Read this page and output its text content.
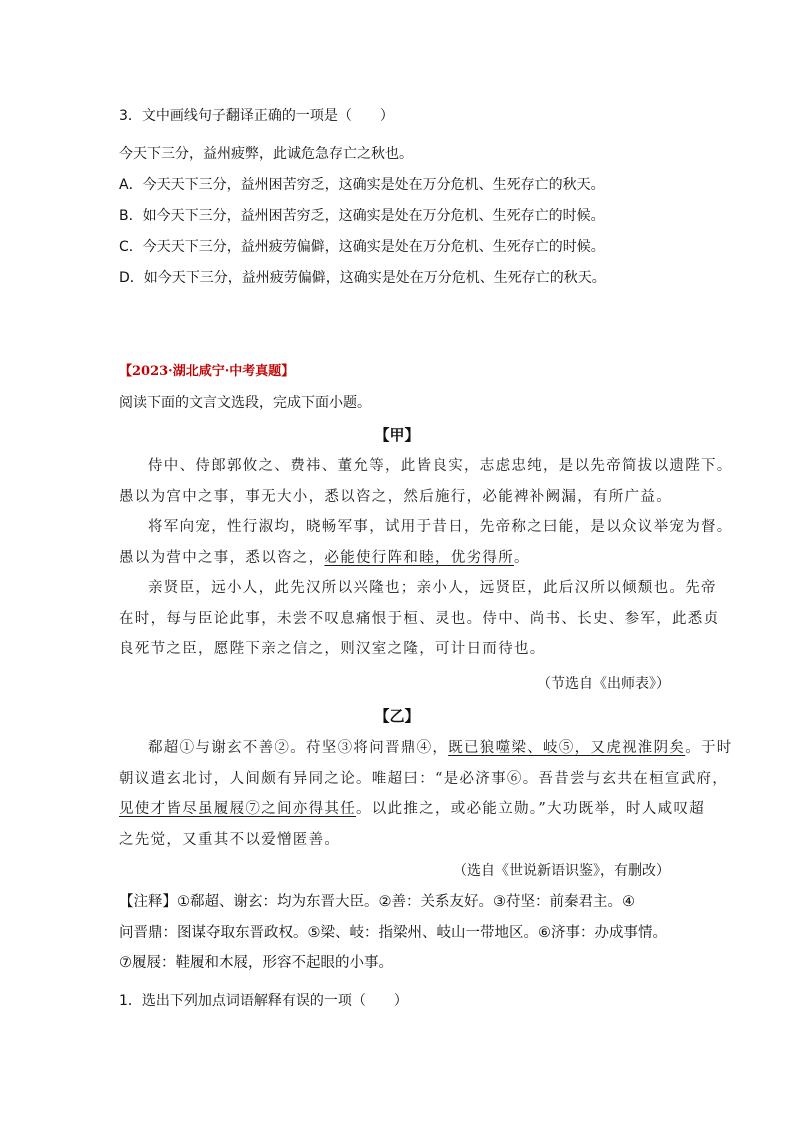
3．文中画线句子翻译正确的一项是（　　）
今天下三分，益州疲弊，此诚危急存亡之秋也。
A．今天天下三分，益州困苦穷乏，这确实是处在万分危机、生死存亡的秋天。
B．如今天下三分，益州困苦穷乏，这确实是处在万分危机、生死存亡的时候。
C．今天天下三分，益州疲劳偏僻，这确实是处在万分危机、生死存亡的时候。
D．如今天下三分，益州疲劳偏僻，这确实是处在万分危机、生死存亡的秋天。
【2023·湖北咸宁·中考真题】
阅读下面的文言文选段，完成下面小题。
【甲】
侍中、侍郎郭攸之、费祎、董允等，此皆良实，志虑忠纯，是以先帝简拔以遗陛下。
愚以为宫中之事，事无大小，悉以咨之，然后施行，必能裨补阙漏，有所广益。
将军向宠，性行淑均，晓畅军事，试用于昔日，先帝称之曰能，是以众议举宠为督。
愚以为营中之事，悉以咨之，必能使行阵和睦，优劣得所。
亲贤臣，远小人，此先汉所以兴隆也；亲小人，远贤臣，此后汉所以倾颓也。先帝
在时，每与臣论此事，未尝不叹息痛恨于桓、灵也。侍中、尚书、长史、参军，此悉贞
良死节之臣，愿陛下亲之信之，则汉室之隆，可计日而待也。
（节选自《出师表》）
【乙】
郗超①与谢玄不善②。苻坚③将问晋鼎④，既已狼噬梁、岐⑤，又虎视淮阴矣。于时
朝议遣玄北讨，人间颇有异同之论。唯超曰：“是必济事⑥。吾昔尝与玄共在桓宣武府，
见使才皆尽虽履屐⑦之间亦得其任。以此推之，或必能立勋。”大功既举，时人咸叹超
之先觉，又重其不以爱憎匿善。
（选自《世说新语识鉴》，有删改）
【注释】①郗超、谢玄：均为东晋大臣。②善：关系友好。③苻坚：前秦君主。④
问晋鼎：图谋夺取东晋政权。⑤梁、岐：指梁州、岐山一带地区。⑥济事：办成事情。
⑦履屐：鞋履和木屐，形容不起眼的小事。
1．选出下列加点词语解释有误的一项（　　）
